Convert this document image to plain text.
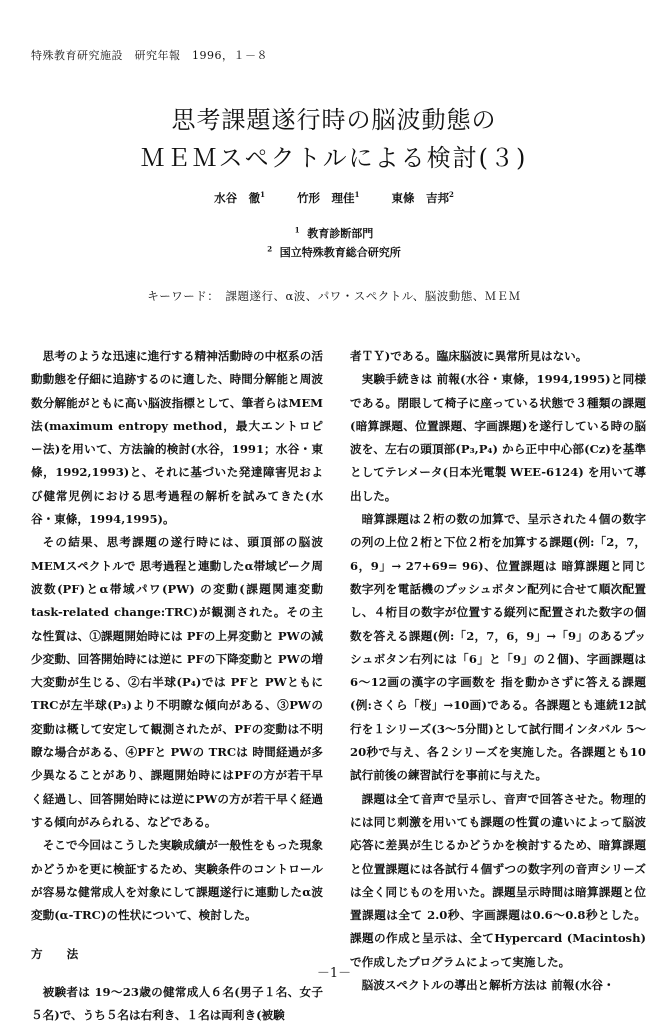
特殊教育研究施設　研究年報　1996，１－８
思考課題遂行時の脳波動態の
ＭＥＭスペクトルによる検討(３)
水谷　徹$^1$	竹形　理佳$^1$	東條　吉邦$^2$
$^1$ 教育診断部門
$^2$ 国立特殊教育総合研究所
キーワード：　課題遂行、α波、パワ・スペクトル、脳波動態、ＭＥＭ

思考のような迅速に進行する精神活動時の中枢系の活動動態を仔細に追跡するのに適した、時間分解能と周波数分解能がともに高い脳波指標として、筆者らはMEM法(maximum entropy method，最大エントロピー法)を用いて、方法論的検討(水谷，1991；水谷・東條，1992,1993)と、それに基づいた発達障害児および健常児例における思考過程の解析を試みてきた(水谷・東條，1994,1995)。

その結果、思考課題の遂行時には、頭頂部の脳波MEMスペクトルで 思考過程と連動したα帯域ピーク周波数(PF)とα帯域パワ(PW) の変動(課題関連変動task-related change:TRC)が観測された。その主な性質は、①課題開始時には PFの上昇変動と PWの減少変動、回答開始時には逆に PFの下降変動と PWの増大変動が生じる、②右半球(P₄)では PFと PWともに TRCが左半球(P₃)より不明瞭な傾向がある、③PWの変動は概して安定して観測されたが、PFの変動は不明瞭な場合がある、④PFと PWの TRCは 時間経過が多少異なることがあり、課題開始時にはPFの方が若干早く経過し、回答開始時には逆にPWの方が若干早く経過する傾向がみられる、などである。

そこで今回はこうした実験成績が一般性をもった現象かどうかを更に検証するため、実験条件のコントロールが容易な健常成人を対象にして課題遂行に連動したα波変動(α-TRC)の性状について、検討した。

方法

被験者は 19～23歳の健常成人６名(男子１名、女子５名)で、うち５名は右利き、１名は両利き(被験

者ＴＹ)である。臨床脳波に異常所見はない。

実験手続きは 前報(水谷・東條，1994,1995)と同様である。閉眼して椅子に座っている状態で３種類の課題(暗算課題、位置課題、字画課題)を遂行している時の脳波を、左右の頭頂部(P₃,P₄) から正中中心部(Cz)を基準としてテレメータ(日本光電製 WEE-6124) を用いて導出した。

暗算課題は２桁の数の加算で、呈示された４個の数字の列の上位２桁と下位２桁を加算する課題(例:「2，7，6，9」→ 27+69= 96)、位置課題は 暗算課題と同じ数字列を電話機のプッシュボタン配列に合せて順次配置し、４桁目の数字が位置する縦列に配置された数字の個数を答える課題(例:「2，7，6，9」→「9」のあるプッシュボタン右列には「6」と「9」の２個)、字画課題は6～12画の漢字の字画数を 指を動かさずに答える課題 (例:さくら「桜」→10画)である。各課題とも連続12試行を１シリーズ(3～5分間)として試行間インタバル 5～20秒で与え、各２シリーズを実施した。各課題とも10試行前後の練習試行を事前に与えた。

課題は全て音声で呈示し、音声で回答させた。物理的には同じ刺激を用いても課題の性質の違いによって脳波応答に差異が生じるかどうかを検討するため、暗算課題と位置課題には各試行４個ずつの数字列の音声シリーズは全く同じものを用いた。課題呈示時間は暗算課題と位置課題は全て 2.0秒、字画課題は0.6～0.8秒とした。課題の作成と呈示は、全てHypercard (Macintosh) で作成したプログラムによって実施した。

脳波スペクトルの導出と解析方法は 前報(水谷・

－1－
